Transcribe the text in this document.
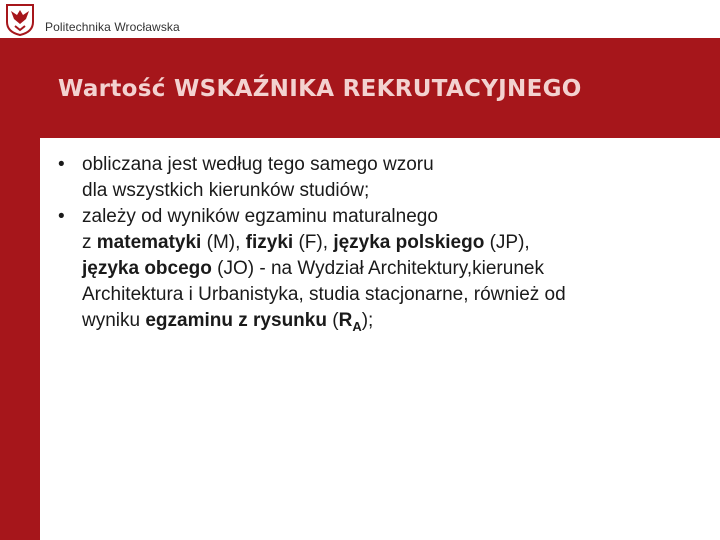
Politechnika Wrocławska
Wartość WSKAŹNIKA REKRUTACYJNEGO
• obliczana jest według tego samego wzoru
dla wszystkich kierunków studiów;
• zależy od wyników egzaminu maturalnego
z matematyki (M), fizyki (F), języka polskiego (JP),
języka obcego (JO) - na Wydział Architektury,kierunek
Architektura i Urbanistyka, studia stacjonarne, również od
wyniku egzaminu z rysunku $(R_A)$;
